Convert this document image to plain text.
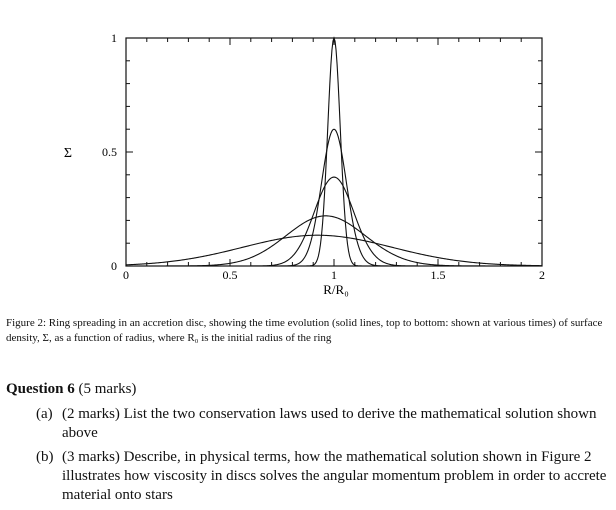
0	0.5	1	1.5	2
0
0.5
1
R/R₀
Σ
Figure 2: Ring spreading in an accretion disc, showing the time evolution (solid lines, top to bottom: shown at various times) of surface density, Σ, as a function of radius, where R₀ is the initial radius of the ring
Question 6 (5 marks)
(a) (2 marks) List the two conservation laws used to derive the mathematical solution shown above
(b) (3 marks) Describe, in physical terms, how the mathematical solution shown in Figure 2 illustrates how viscosity in discs solves the angular momentum problem in order to accrete material onto stars
